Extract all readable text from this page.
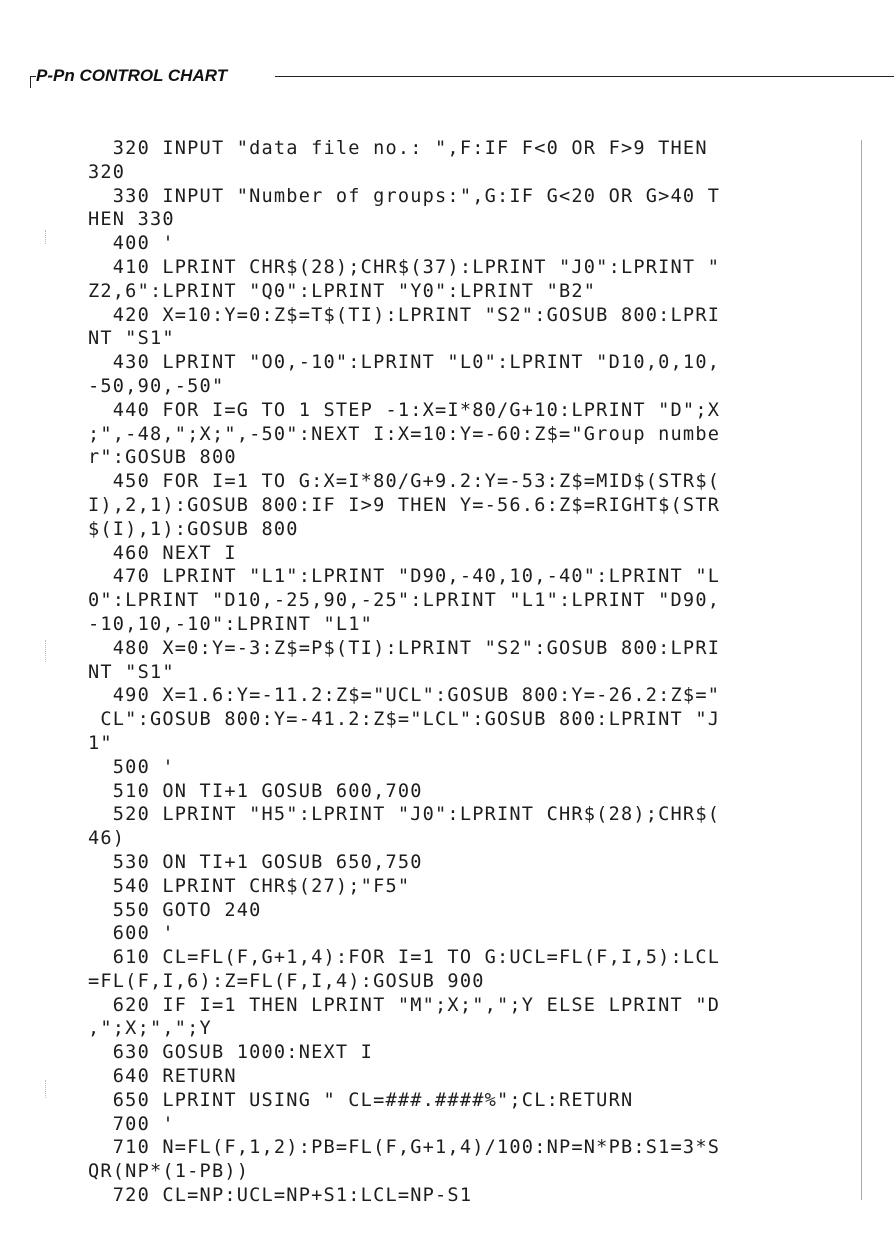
P-Pn CONTROL CHART
320 INPUT "data file no.: ",F:IF F<0 OR F>9 THEN
320
330 INPUT "Number of groups:",G:IF G<20 OR G>40 T
HEN 330
400 '
410 LPRINT CHR$(28);CHR$(37):LPRINT "J0":LPRINT "
Z2,6":LPRINT "Q0":LPRINT "Y0":LPRINT "B2"
420 X=10:Y=0:Z$=T$(TI):LPRINT "S2":GOSUB 800:LPRI
NT "S1"
430 LPRINT "O0,-10":LPRINT "L0":LPRINT "D10,0,10,
-50,90,-50"
440 FOR I=G TO 1 STEP -1:X=I*80/G+10:LPRINT "D";X
;",-48,";X;",-50":NEXT I:X=10:Y=-60:Z$="Group numbe
r":GOSUB 800
450 FOR I=1 TO G:X=I*80/G+9.2:Y=-53:Z$=MID$(STR$(
I),2,1):GOSUB 800:IF I>9 THEN Y=-56.6:Z$=RIGHT$(STR
$(I),1):GOSUB 800
460 NEXT I
470 LPRINT "L1":LPRINT "D90,-40,10,-40":LPRINT "L
0":LPRINT "D10,-25,90,-25":LPRINT "L1":LPRINT "D90,
-10,10,-10":LPRINT "L1"
480 X=0:Y=-3:Z$=P$(TI):LPRINT "S2":GOSUB 800:LPRI
NT "S1"
490 X=1.6:Y=-11.2:Z$="UCL":GOSUB 800:Y=-26.2:Z$="
CL":GOSUB 800:Y=-41.2:Z$="LCL":GOSUB 800:LPRINT "J
1"
500 '
510 ON TI+1 GOSUB 600,700
520 LPRINT "H5":LPRINT "J0":LPRINT CHR$(28);CHR$(
46)
530 ON TI+1 GOSUB 650,750
540 LPRINT CHR$(27);"F5"
550 GOTO 240
600 '
610 CL=FL(F,G+1,4):FOR I=1 TO G:UCL=FL(F,I,5):LCL
=FL(F,I,6):Z=FL(F,I,4):GOSUB 900
620 IF I=1 THEN LPRINT "M";X;",";Y ELSE LPRINT "D
,";X;",";Y
630 GOSUB 1000:NEXT I
640 RETURN
650 LPRINT USING " CL=###.####%";CL:RETURN
700 '
710 N=FL(F,1,2):PB=FL(F,G+1,4)/100:NP=N*PB:S1=3*S
QR(NP*(1-PB))
720 CL=NP:UCL=NP+S1:LCL=NP-S1
